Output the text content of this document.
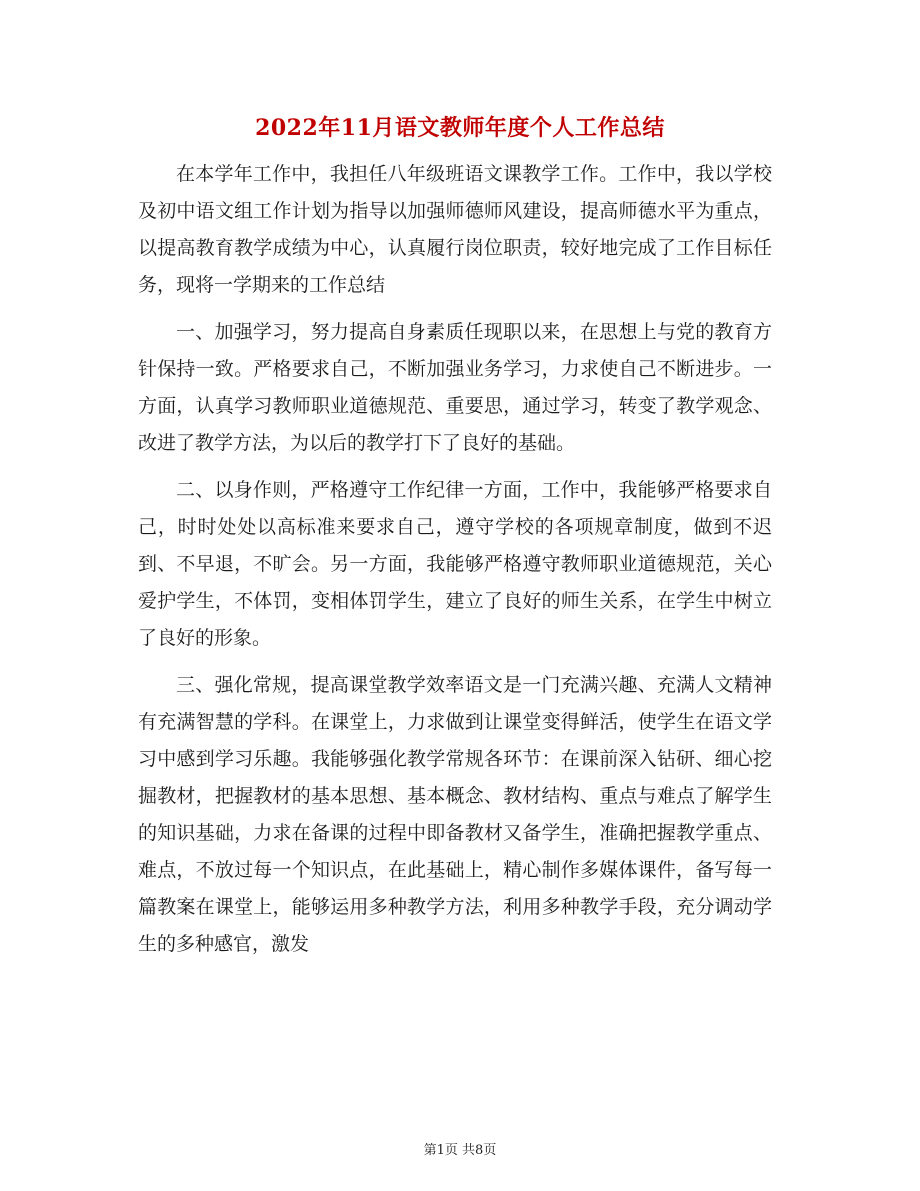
2022年11月语文教师年度个人工作总结

在本学年工作中，我担任八年级班语文课教学工作。工作中，我以学校及初中语文组工作计划为指导以加强师德师风建设，提高师德水平为重点，以提高教育教学成绩为中心，认真履行岗位职责，较好地完成了工作目标任务，现将一学期来的工作总结

一、加强学习，努力提高自身素质任现职以来，在思想上与党的教育方针保持一致。严格要求自己，不断加强业务学习，力求使自己不断进步。一方面，认真学习教师职业道德规范、重要思，通过学习，转变了教学观念、改进了教学方法，为以后的教学打下了良好的基础。

二、以身作则，严格遵守工作纪律一方面，工作中，我能够严格要求自己，时时处处以高标准来要求自己，遵守学校的各项规章制度，做到不迟到、不早退，不旷会。另一方面，我能够严格遵守教师职业道德规范，关心爱护学生，不体罚，变相体罚学生，建立了良好的师生关系，在学生中树立了良好的形象。

三、强化常规，提高课堂教学效率语文是一门充满兴趣、充满人文精神有充满智慧的学科。在课堂上，力求做到让课堂变得鲜活，使学生在语文学习中感到学习乐趣。我能够强化教学常规各环节：在课前深入钻研、细心挖掘教材，把握教材的基本思想、基本概念、教材结构、重点与难点了解学生的知识基础，力求在备课的过程中即备教材又备学生，准确把握教学重点、难点，不放过每一个知识点，在此基础上，精心制作多媒体课件，备写每一篇教案在课堂上，能够运用多种教学方法，利用多种教学手段，充分调动学生的多种感官，激发

第1页 共8页
